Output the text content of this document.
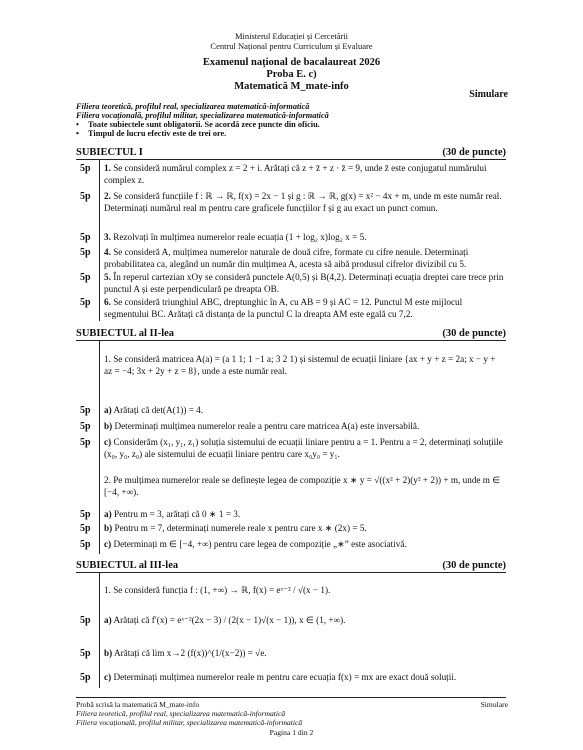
Ministerul Educației și Cercetării
Centrul Național pentru Curriculum și Evaluare
Examenul național de bacalaureat 2026
Proba E. c)
Matematică M_mate-info
Simulare
Filiera teoretică, profilul real, specializarea matematică-informatică
Filiera vocațională, profilul militar, specializarea matematică-informatică
• Toate subiectele sunt obligatorii. Se acordă zece puncte din oficiu.
• Timpul de lucru efectiv este de trei ore.
SUBIECTUL I	(30 de puncte)
5p	1. Se consideră numărul complex z = 2 + i. Arătați că z + z̄ + z · z̄ = 9, unde z̄ este conjugatul numărului complex z.
5p	2. Se consideră funcțiile f : ℝ → ℝ, f(x) = 2x − 1 și g : ℝ → ℝ, g(x) = x² − 4x + m, unde m este număr real. Determinați numărul real m pentru care graficele funcțiilor f și g au exact un punct comun.
5p	3. Rezolvați în mulțimea numerelor reale ecuația (1 + log₂ x)log₂ x = 5.
5p	4. Se consideră A, mulțimea numerelor naturale de două cifre, formate cu cifre nenule. Determinați probabilitatea ca, alegând un număr din mulțimea A, acesta să aibă produsul cifrelor divizibil cu 5.
5p	5. În reperul cartezian xOy se consideră punctele A(0,5) și B(4,2). Determinați ecuația dreptei care trece prin punctul A și este perpendiculară pe dreapta OB.
5p	6. Se consideră triunghiul ABC, dreptunghic în A, cu AB = 9 și AC = 12. Punctul M este mijlocul segmentului BC. Arătați că distanța de la punctul C la dreapta AM este egală cu 7,2.
SUBIECTUL al II-lea	(30 de puncte)
1. Se consideră matricea A(a) = (a 1 1; 1 −1 a; 3 2 1) și sistemul de ecuații liniare {ax + y + z = 2a; x − y + az = −4; 3x + 2y + z = 8}, unde a este număr real.
5p	a) Arătați că det(A(1)) = 4.
5p	b) Determinați mulțimea numerelor reale a pentru care matricea A(a) este inversabilă.
5p	c) Considerăm (x₁, y₁, z₁) soluția sistemului de ecuații liniare pentru a = 1. Pentru a = 2, determinați soluțiile (x₀, y₀, z₀) ale sistemului de ecuații liniare pentru care x₀y₀ = y₁.
2. Pe mulțimea numerelor reale se definește legea de compoziție x ∗ y = √((x² + 2)(y² + 2)) + m, unde m ∈ [−4, +∞).
5p	a) Pentru m = 3, arătați că 0 ∗ 1 = 3.
5p	b) Pentru m = 7, determinați numerele reale x pentru care x ∗ (2x) = 5.
5p	c) Determinați m ∈ [−4, +∞) pentru care legea de compoziție „∗” este asociativă.
SUBIECTUL al III-lea	(30 de puncte)
1. Se consideră funcția f : (1, +∞) → ℝ, f(x) = eˣ⁻² / √(x − 1).
5p	a) Arătați că f′(x) = eˣ⁻²(2x − 3) / (2(x − 1)√(x − 1)), x ∈ (1, +∞).
5p	b) Arătați că lim x→2 (f(x))^(1/(x−2)) = √e.
5p	c) Determinați mulțimea numerelor reale m pentru care ecuația f(x) = mx are exact două soluții.
Probă scrisă la matematică M_mate-info	Simulare
Filiera teoretică, profilul real, specializarea matematică-informatică
Filiera vocațională, profilul militar, specializarea matematică-informatică
Pagina 1 din 2
